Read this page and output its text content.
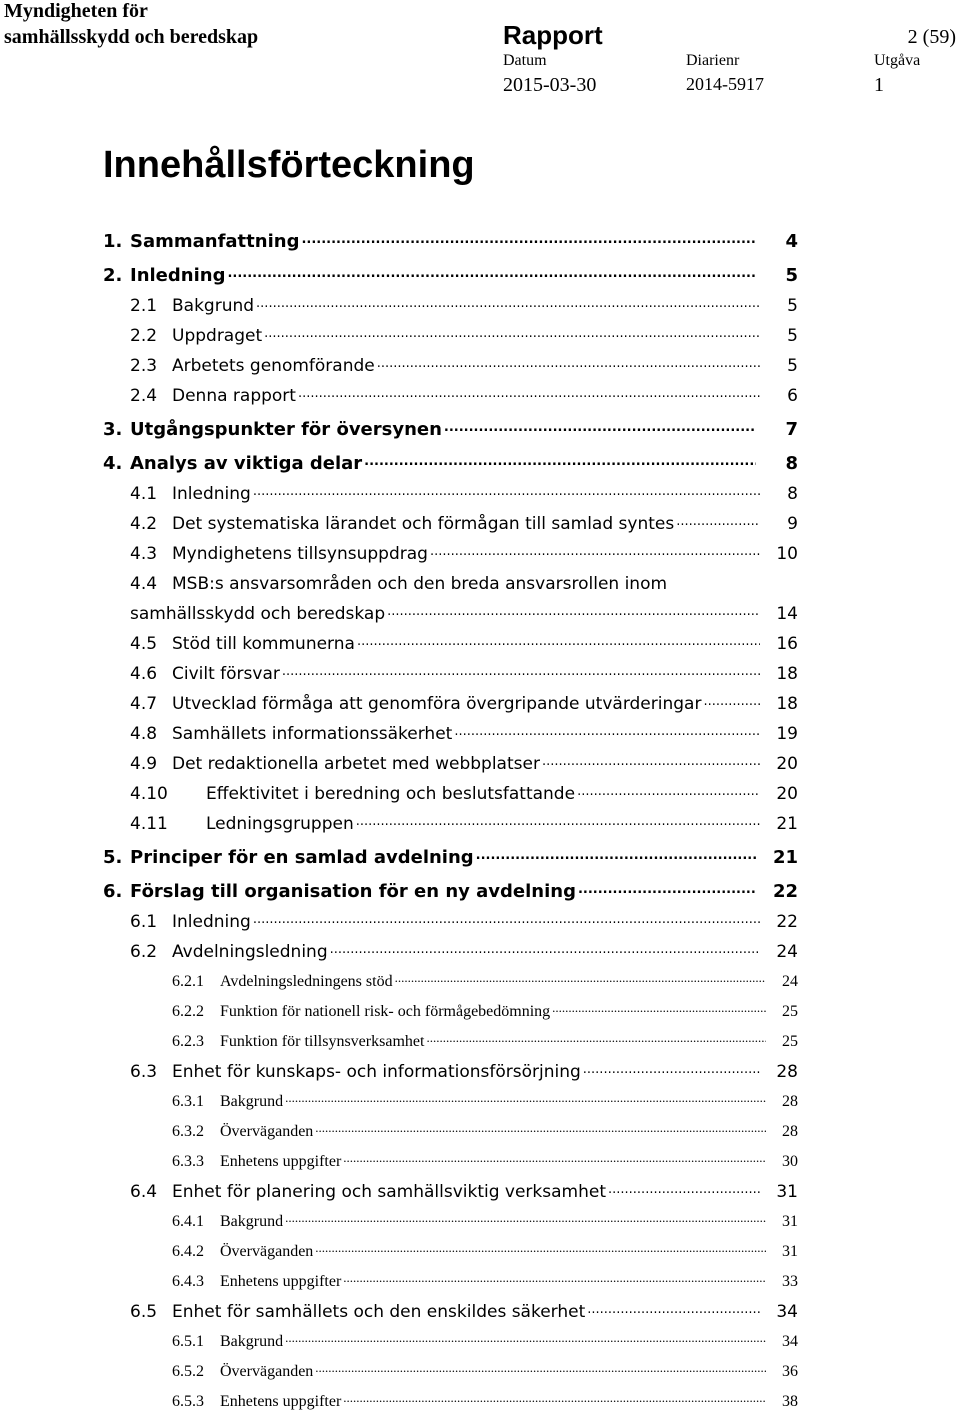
Myndigheten för
samhällsskydd och beredskap	Rapport	2 (59)
Datum
2015-03-30
Diarienr
2014-5917
Utgåva
1
Innehållsförteckning
1. Sammanfattning .....	4
2. Inledning .....	5
2.1 Bakgrund .....	5
2.2 Uppdraget .....	5
2.3 Arbetets genomförande .....	5
2.4 Denna rapport .....	6
3. Utgångspunkter för översynen .....	7
4. Analys av viktiga delar .....	8
4.1 Inledning .....	8
4.2 Det systematiska lärandet och förmågan till samlad syntes .....	9
4.3 Myndighetens tillsynsuppdrag .....	10
4.4 MSB:s ansvarsområden och den breda ansvarsrollen inom
samhällsskydd och beredskap .....	14
4.5 Stöd till kommunerna .....	16
4.6 Civilt försvar .....	18
4.7 Utvecklad förmåga att genomföra övergripande utvärderingar .....	18
4.8 Samhällets informationssäkerhet .....	19
4.9 Det redaktionella arbetet med webbplatser .....	20
4.10	Effektivitet i beredning och beslutsfattande .....	20
4.11	Ledningsgruppen .....	21
5. Principer för en samlad avdelning .....	21
6. Förslag till organisation för en ny avdelning .....	22
6.1 Inledning .....	22
6.2 Avdelningsledning .....	24
6.2.1	Avdelningsledningens stöd .....	24
6.2.2	Funktion för nationell risk- och förmågebedömning .....	25
6.2.3	Funktion för tillsynsverksamhet .....	25
6.3 Enhet för kunskaps- och informationsförsörjning .....	28
6.3.1	Bakgrund .....	28
6.3.2	Överväganden .....	28
6.3.3	Enhetens uppgifter .....	30
6.4 Enhet för planering och samhällsviktig verksamhet .....	31
6.4.1	Bakgrund .....	31
6.4.2	Överväganden .....	31
6.4.3	Enhetens uppgifter .....	33
6.5 Enhet för samhällets och den enskildes säkerhet .....	34
6.5.1	Bakgrund .....	34
6.5.2	Överväganden .....	36
6.5.3	Enhetens uppgifter .....	38
